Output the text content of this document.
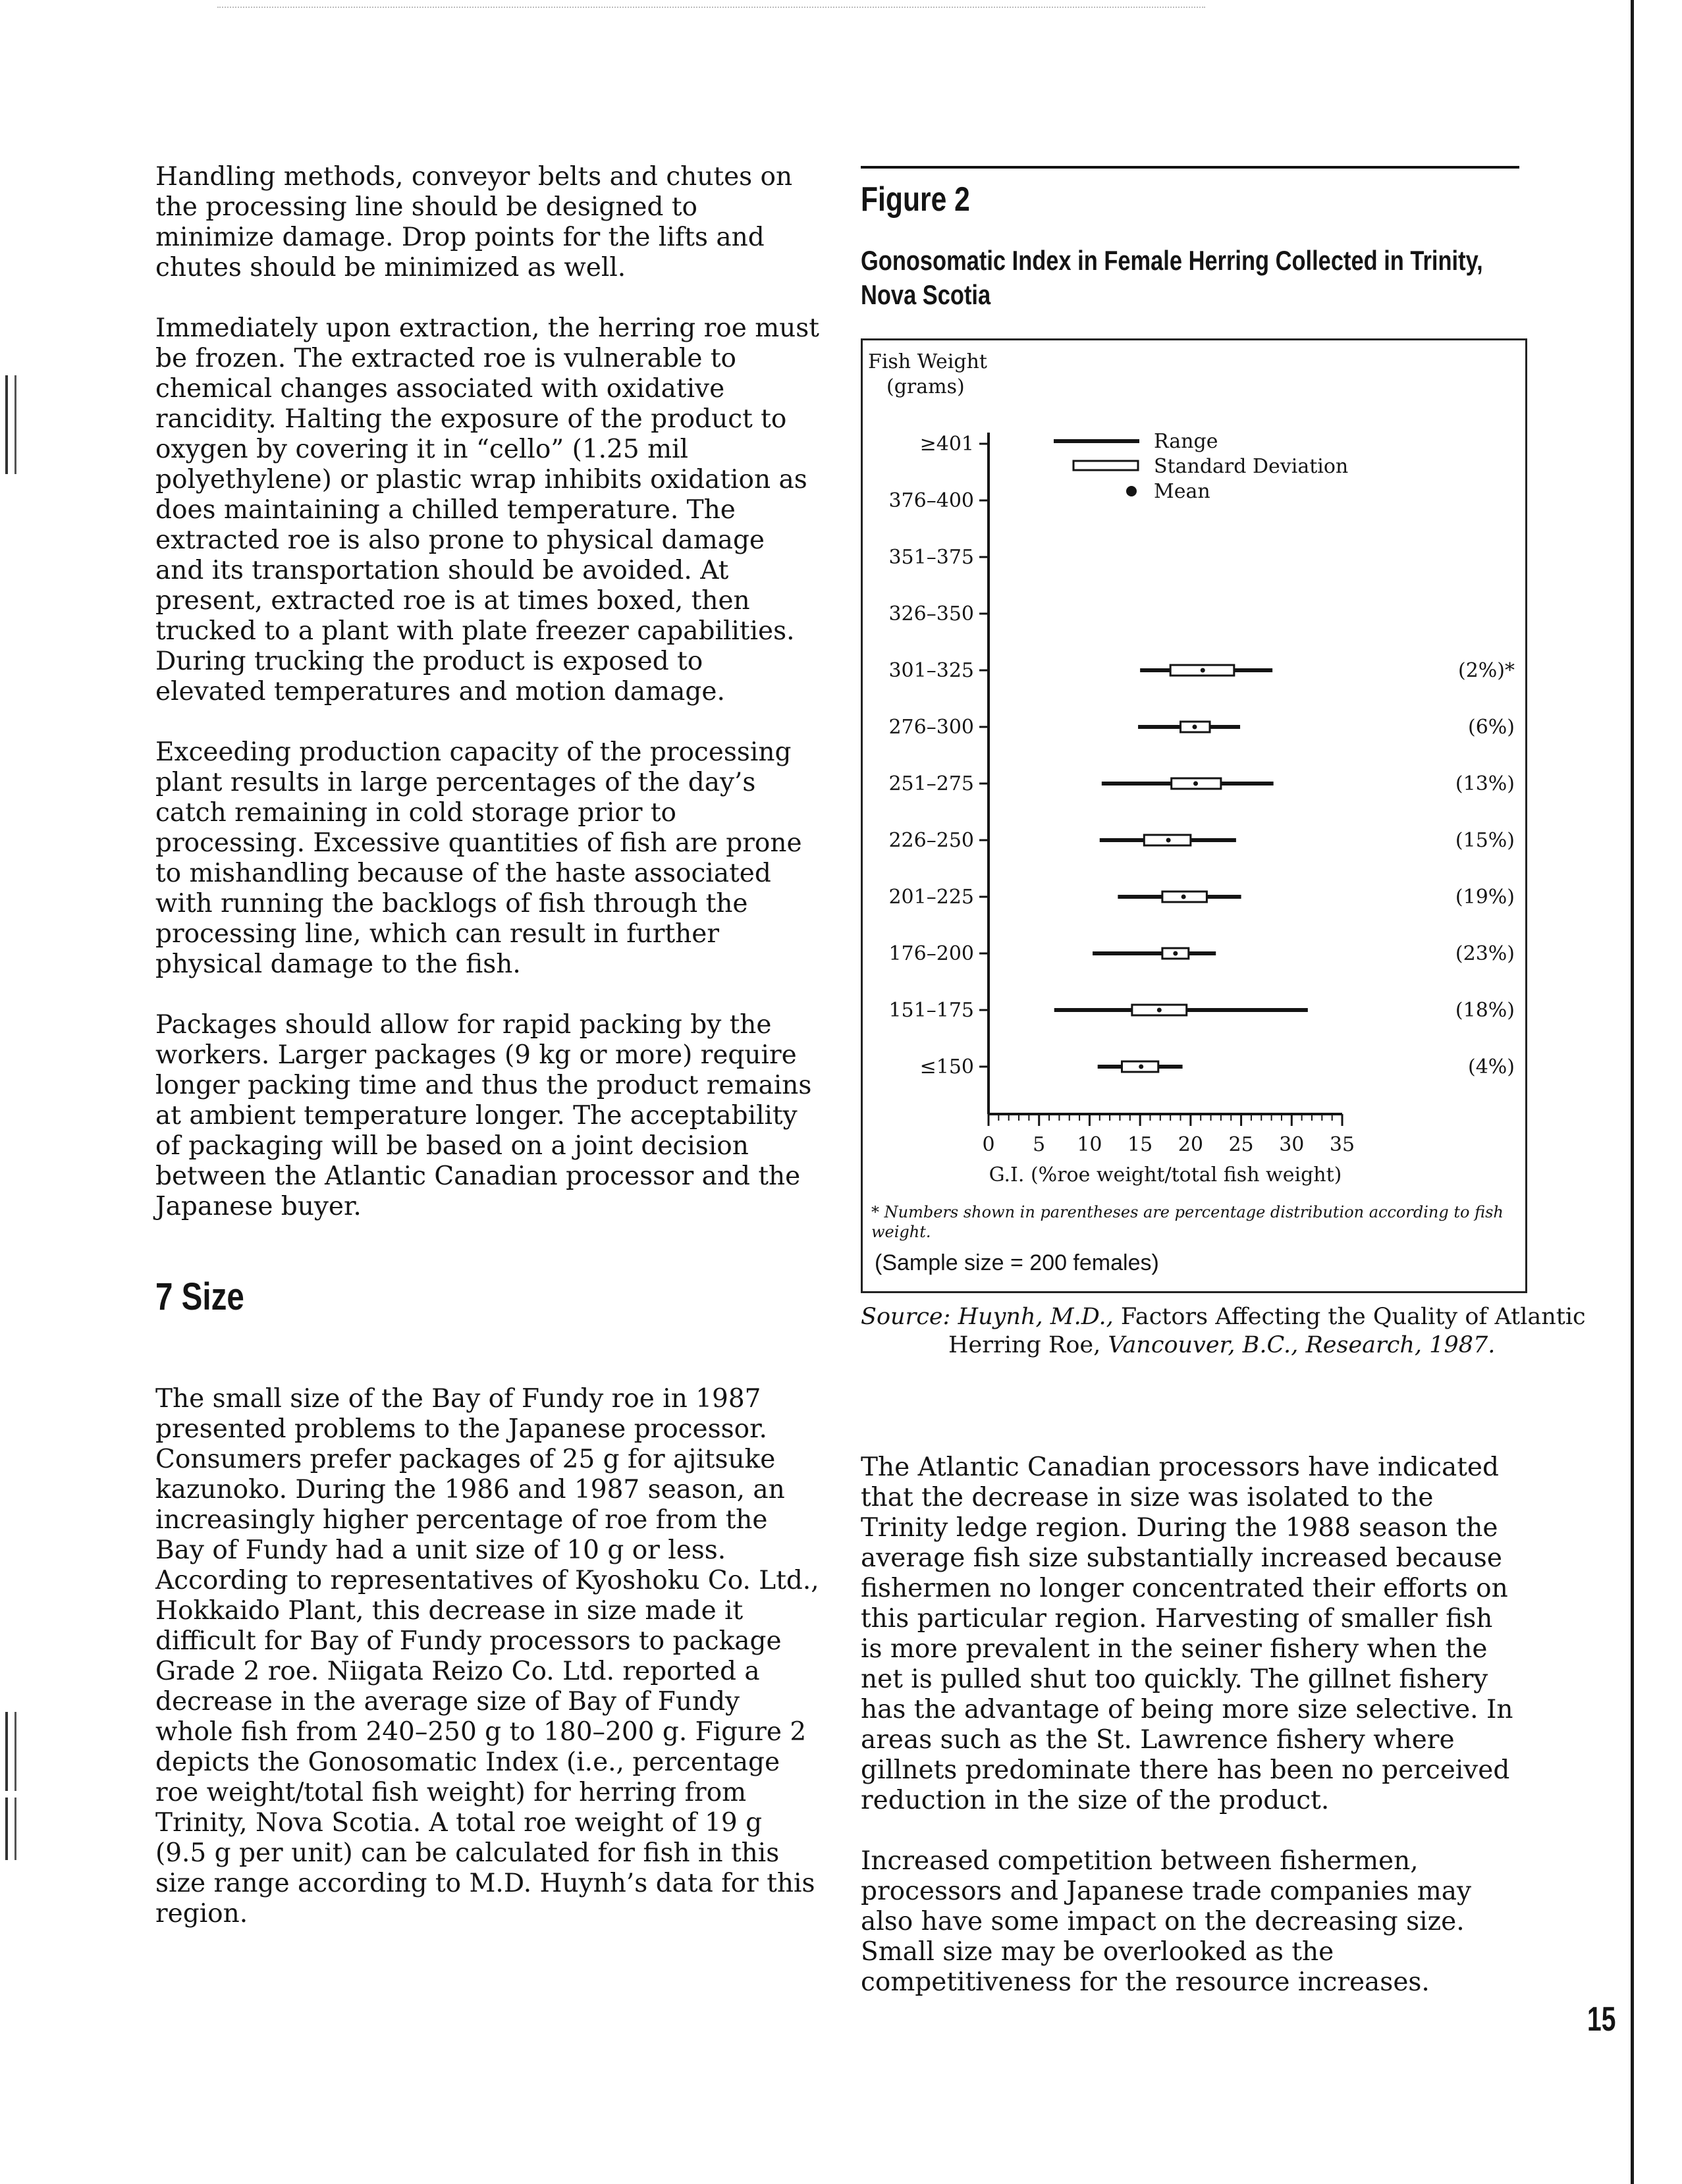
Handling methods, conveyor belts and chutes on the processing line should be designed to minimize damage. Drop points for the lifts and chutes should be minimized as well.

Immediately upon extraction, the herring roe must be frozen. The extracted roe is vulnerable to chemical changes associated with oxidative rancidity. Halting the exposure of the product to oxygen by covering it in “cello” (1.25 mil polyethylene) or plastic wrap inhibits oxidation as does maintaining a chilled temperature. The extracted roe is also prone to physical damage and its transportation should be avoided. At present, extracted roe is at times boxed, then trucked to a plant with plate freezer capabilities. During trucking the product is exposed to elevated temperatures and motion damage.

Exceeding production capacity of the processing plant results in large percentages of the day’s catch remaining in cold storage prior to processing. Excessive quantities of fish are prone to mishandling because of the haste associated with running the backlogs of fish through the processing line, which can result in further physical damage to the fish.

Packages should allow for rapid packing by the workers. Larger packages (9 kg or more) require longer packing time and thus the product remains at ambient temperature longer. The acceptability of packaging will be based on a joint decision between the Atlantic Canadian processor and the Japanese buyer.

7 Size

The small size of the Bay of Fundy roe in 1987 presented problems to the Japanese processor. Consumers prefer packages of 25 g for ajitsuke kazunoko. During the 1986 and 1987 season, an increasingly higher percentage of roe from the Bay of Fundy had a unit size of 10 g or less. According to representatives of Kyoshoku Co. Ltd., Hokkaido Plant, this decrease in size made it difficult for Bay of Fundy processors to package Grade 2 roe. Niigata Reizo Co. Ltd. reported a decrease in the average size of Bay of Fundy whole fish from 240–250 g to 180–200 g. Figure 2 depicts the Gonosomatic Index (i.e., percentage roe weight/total fish weight) for herring from Trinity, Nova Scotia. A total roe weight of 19 g (9.5 g per unit) can be calculated for fish in this size range according to M.D. Huynh’s data for this region.

Figure 2
Gonosomatic Index in Female Herring Collected in Trinity, Nova Scotia
Fish Weight
(grams)
≥401
376–400
351–375
326–350
301–325
276–300
251–275
226–250
201–225
176–200
151–175
≤150
0 5 10 15 20 25 30 35
G.I. (%roe weight/total fish weight)
Range
Standard Deviation
Mean
(2%)*
(6%)
(13%)
(15%)
(19%)
(23%)
(18%)
(4%)

* Numbers shown in parentheses are percentage distribution according to fish weight.

(Sample size = 200 females)

Source: Huynh, M.D., Factors Affecting the Quality of Atlantic Herring Roe, Vancouver, B.C., Research, 1987.

The Atlantic Canadian processors have indicated that the decrease in size was isolated to the Trinity ledge region. During the 1988 season the average fish size substantially increased because fishermen no longer concentrated their efforts on this particular region. Harvesting of smaller fish is more prevalent in the seiner fishery when the net is pulled shut too quickly. The gillnet fishery has the advantage of being more size selective. In areas such as the St. Lawrence fishery where gillnets predominate there has been no perceived reduction in the size of the product.

Increased competition between fishermen, processors and Japanese trade companies may also have some impact on the decreasing size. Small size may be overlooked as the competitiveness for the resource increases.

15
